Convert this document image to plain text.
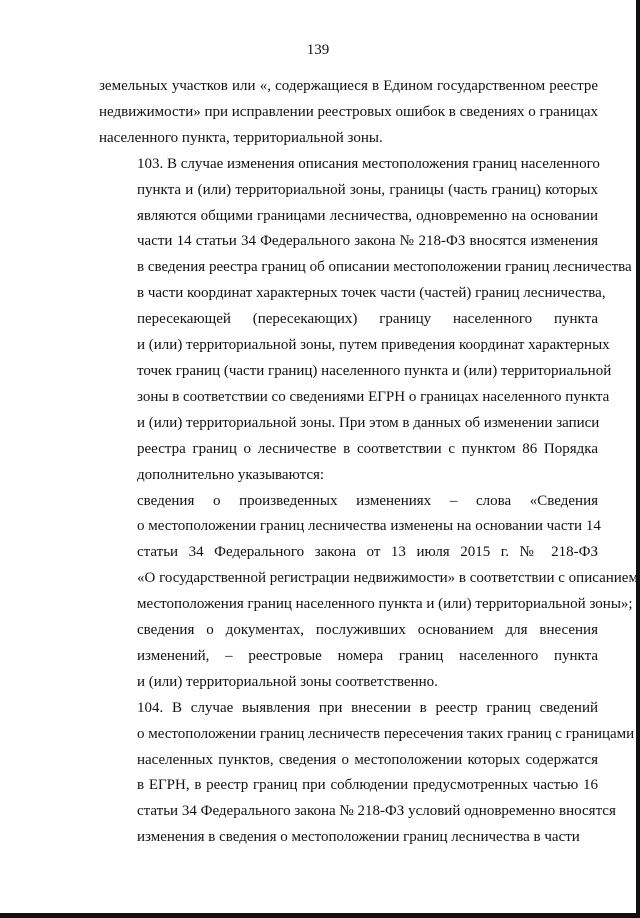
139

земельных участков или «, содержащиеся в Едином государственном реестре
недвижимости» при исправлении реестровых ошибок в сведениях о границах
населенного пункта, территориальной зоны.

103. В случае изменения описания местоположения границ населенного
пункта и (или) территориальной зоны, границы (часть границ) которых
являются общими границами лесничества, одновременно на основании
части 14 статьи 34 Федерального закона № 218-ФЗ вносятся изменения
в сведения реестра границ об описании местоположении границ лесничества
в части координат характерных точек части (частей) границ лесничества,
пересекающей (пересекающих) границу населенного пункта
и (или) территориальной зоны, путем приведения координат характерных
точек границ (части границ) населенного пункта и (или) территориальной
зоны в соответствии со сведениями ЕГРН о границах населенного пункта
и (или) территориальной зоны. При этом в данных об изменении записи
реестра границ о лесничестве в соответствии с пунктом 86 Порядка
дополнительно указываются:

сведения о произведенных изменениях – слова «Сведения
о местоположении границ лесничества изменены на основании части 14
статьи 34 Федерального закона от 13 июля 2015 г. № 218-ФЗ
«О государственной регистрации недвижимости» в соответствии с описанием
местоположения границ населенного пункта и (или) территориальной зоны»;

сведения о документах, послуживших основанием для внесения
изменений, – реестровые номера границ населенного пункта
и (или) территориальной зоны соответственно.

104. В случае выявления при внесении в реестр границ сведений
о местоположении границ лесничеств пересечения таких границ с границами
населенных пунктов, сведения о местоположении которых содержатся
в ЕГРН, в реестр границ при соблюдении предусмотренных частью 16
статьи 34 Федерального закона № 218-ФЗ условий одновременно вносятся
изменения в сведения о местоположении границ лесничества в части
